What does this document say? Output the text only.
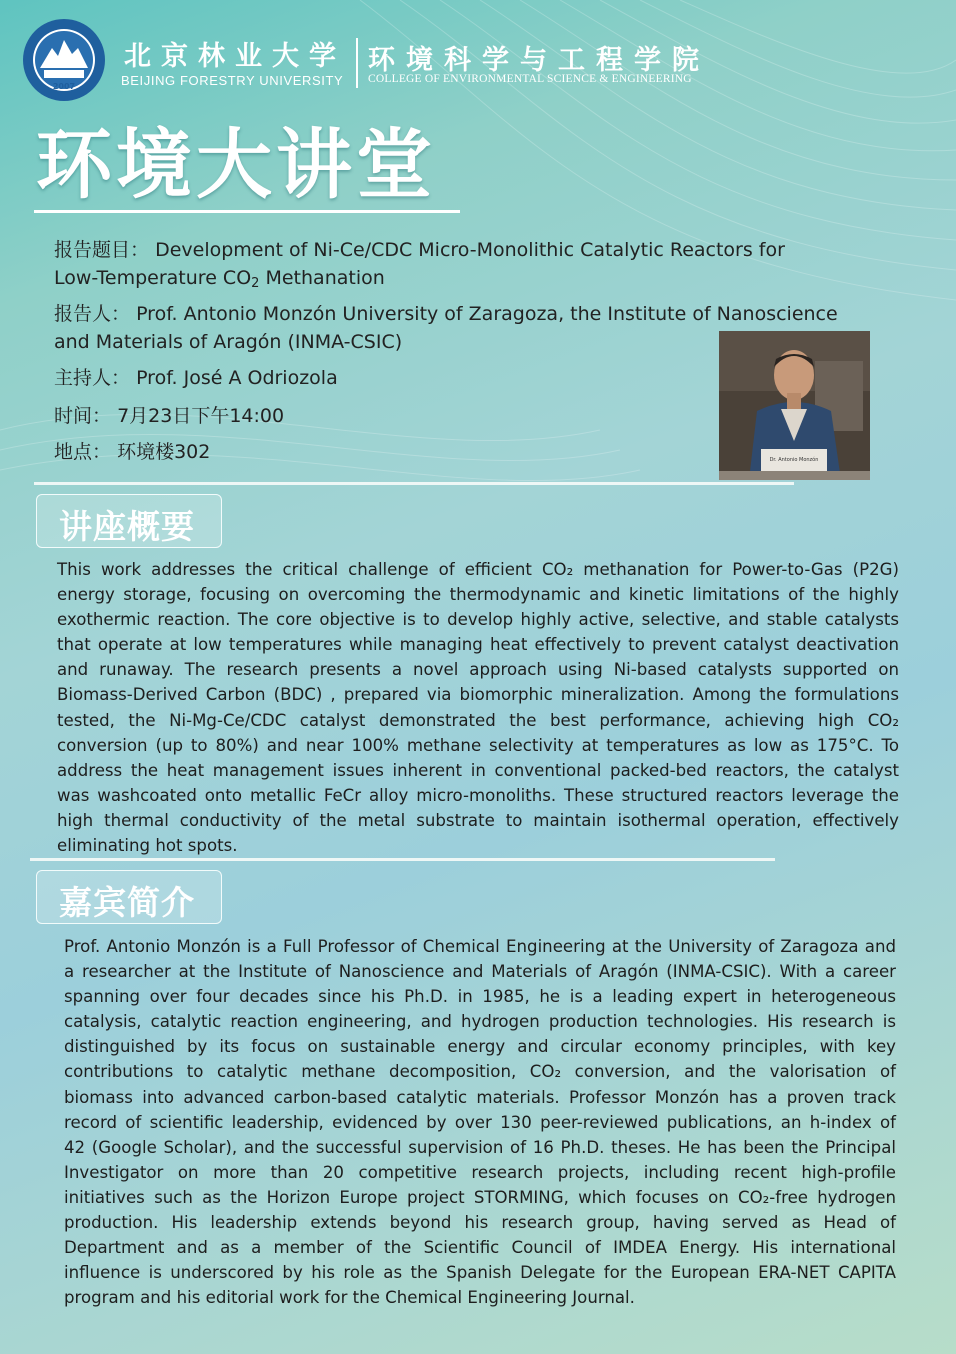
2007
北京林业大学
BEIJING FORESTRY UNIVERSITY
环境科学与工程学院
COLLEGE OF ENVIRONMENTAL SCIENCE & ENGINEERING
环境大讲堂
报告题目： Development of Ni-Ce/CDC Micro-Monolithic Catalytic Reactors for
Low-Temperature $CO_2$ Methanation
报告人： Prof. Antonio Monzón University of Zaragoza, the Institute of Nanoscience
and Materials of Aragón (INMA-CSIC)
主持人： Prof. José A Odriozola
时间： 7月23日下午14:00
地点： 环境楼302	Dr. Antonio Monzón
讲座概要
This work addresses the critical challenge of efficient CO₂ methanation for Power-to-Gas (P2G)
energy storage, focusing on overcoming the thermodynamic and kinetic limitations of the highly
exothermic reaction. The core objective is to develop highly active, selective, and stable catalysts
that operate at low temperatures while managing heat effectively to prevent catalyst deactivation
and runaway. The research presents a novel approach using Ni-based catalysts supported on
Biomass-Derived Carbon (BDC) , prepared via biomorphic mineralization. Among the formulations
tested, the Ni-Mg-Ce/CDC catalyst demonstrated the best performance, achieving high CO₂
conversion (up to 80%) and near 100% methane selectivity at temperatures as low as 175°C. To
address the heat management issues inherent in conventional packed-bed reactors, the catalyst
was washcoated onto metallic FeCr alloy micro-monoliths. These structured reactors leverage the
high thermal conductivity of the metal substrate to maintain isothermal operation, effectively
eliminating hot spots.
嘉宾简介
Prof. Antonio Monzón is a Full Professor of Chemical Engineering at the University of Zaragoza and
a researcher at the Institute of Nanoscience and Materials of Aragón (INMA-CSIC). With a career
spanning over four decades since his Ph.D. in 1985, he is a leading expert in heterogeneous
catalysis, catalytic reaction engineering, and hydrogen production technologies. His research is
distinguished by its focus on sustainable energy and circular economy principles, with key
contributions to catalytic methane decomposition, CO₂ conversion, and the valorisation of
biomass into advanced carbon-based catalytic materials. Professor Monzón has a proven track
record of scientific leadership, evidenced by over 130 peer-reviewed publications, an h-index of
42 (Google Scholar), and the successful supervision of 16 Ph.D. theses. He has been the Principal
Investigator on more than 20 competitive research projects, including recent high-profile
initiatives such as the Horizon Europe project STORMING, which focuses on CO₂-free hydrogen
production. His leadership extends beyond his research group, having served as Head of
Department and as a member of the Scientific Council of IMDEA Energy. His international
influence is underscored by his role as the Spanish Delegate for the European ERA-NET CAPITA
program and his editorial work for the Chemical Engineering Journal.
